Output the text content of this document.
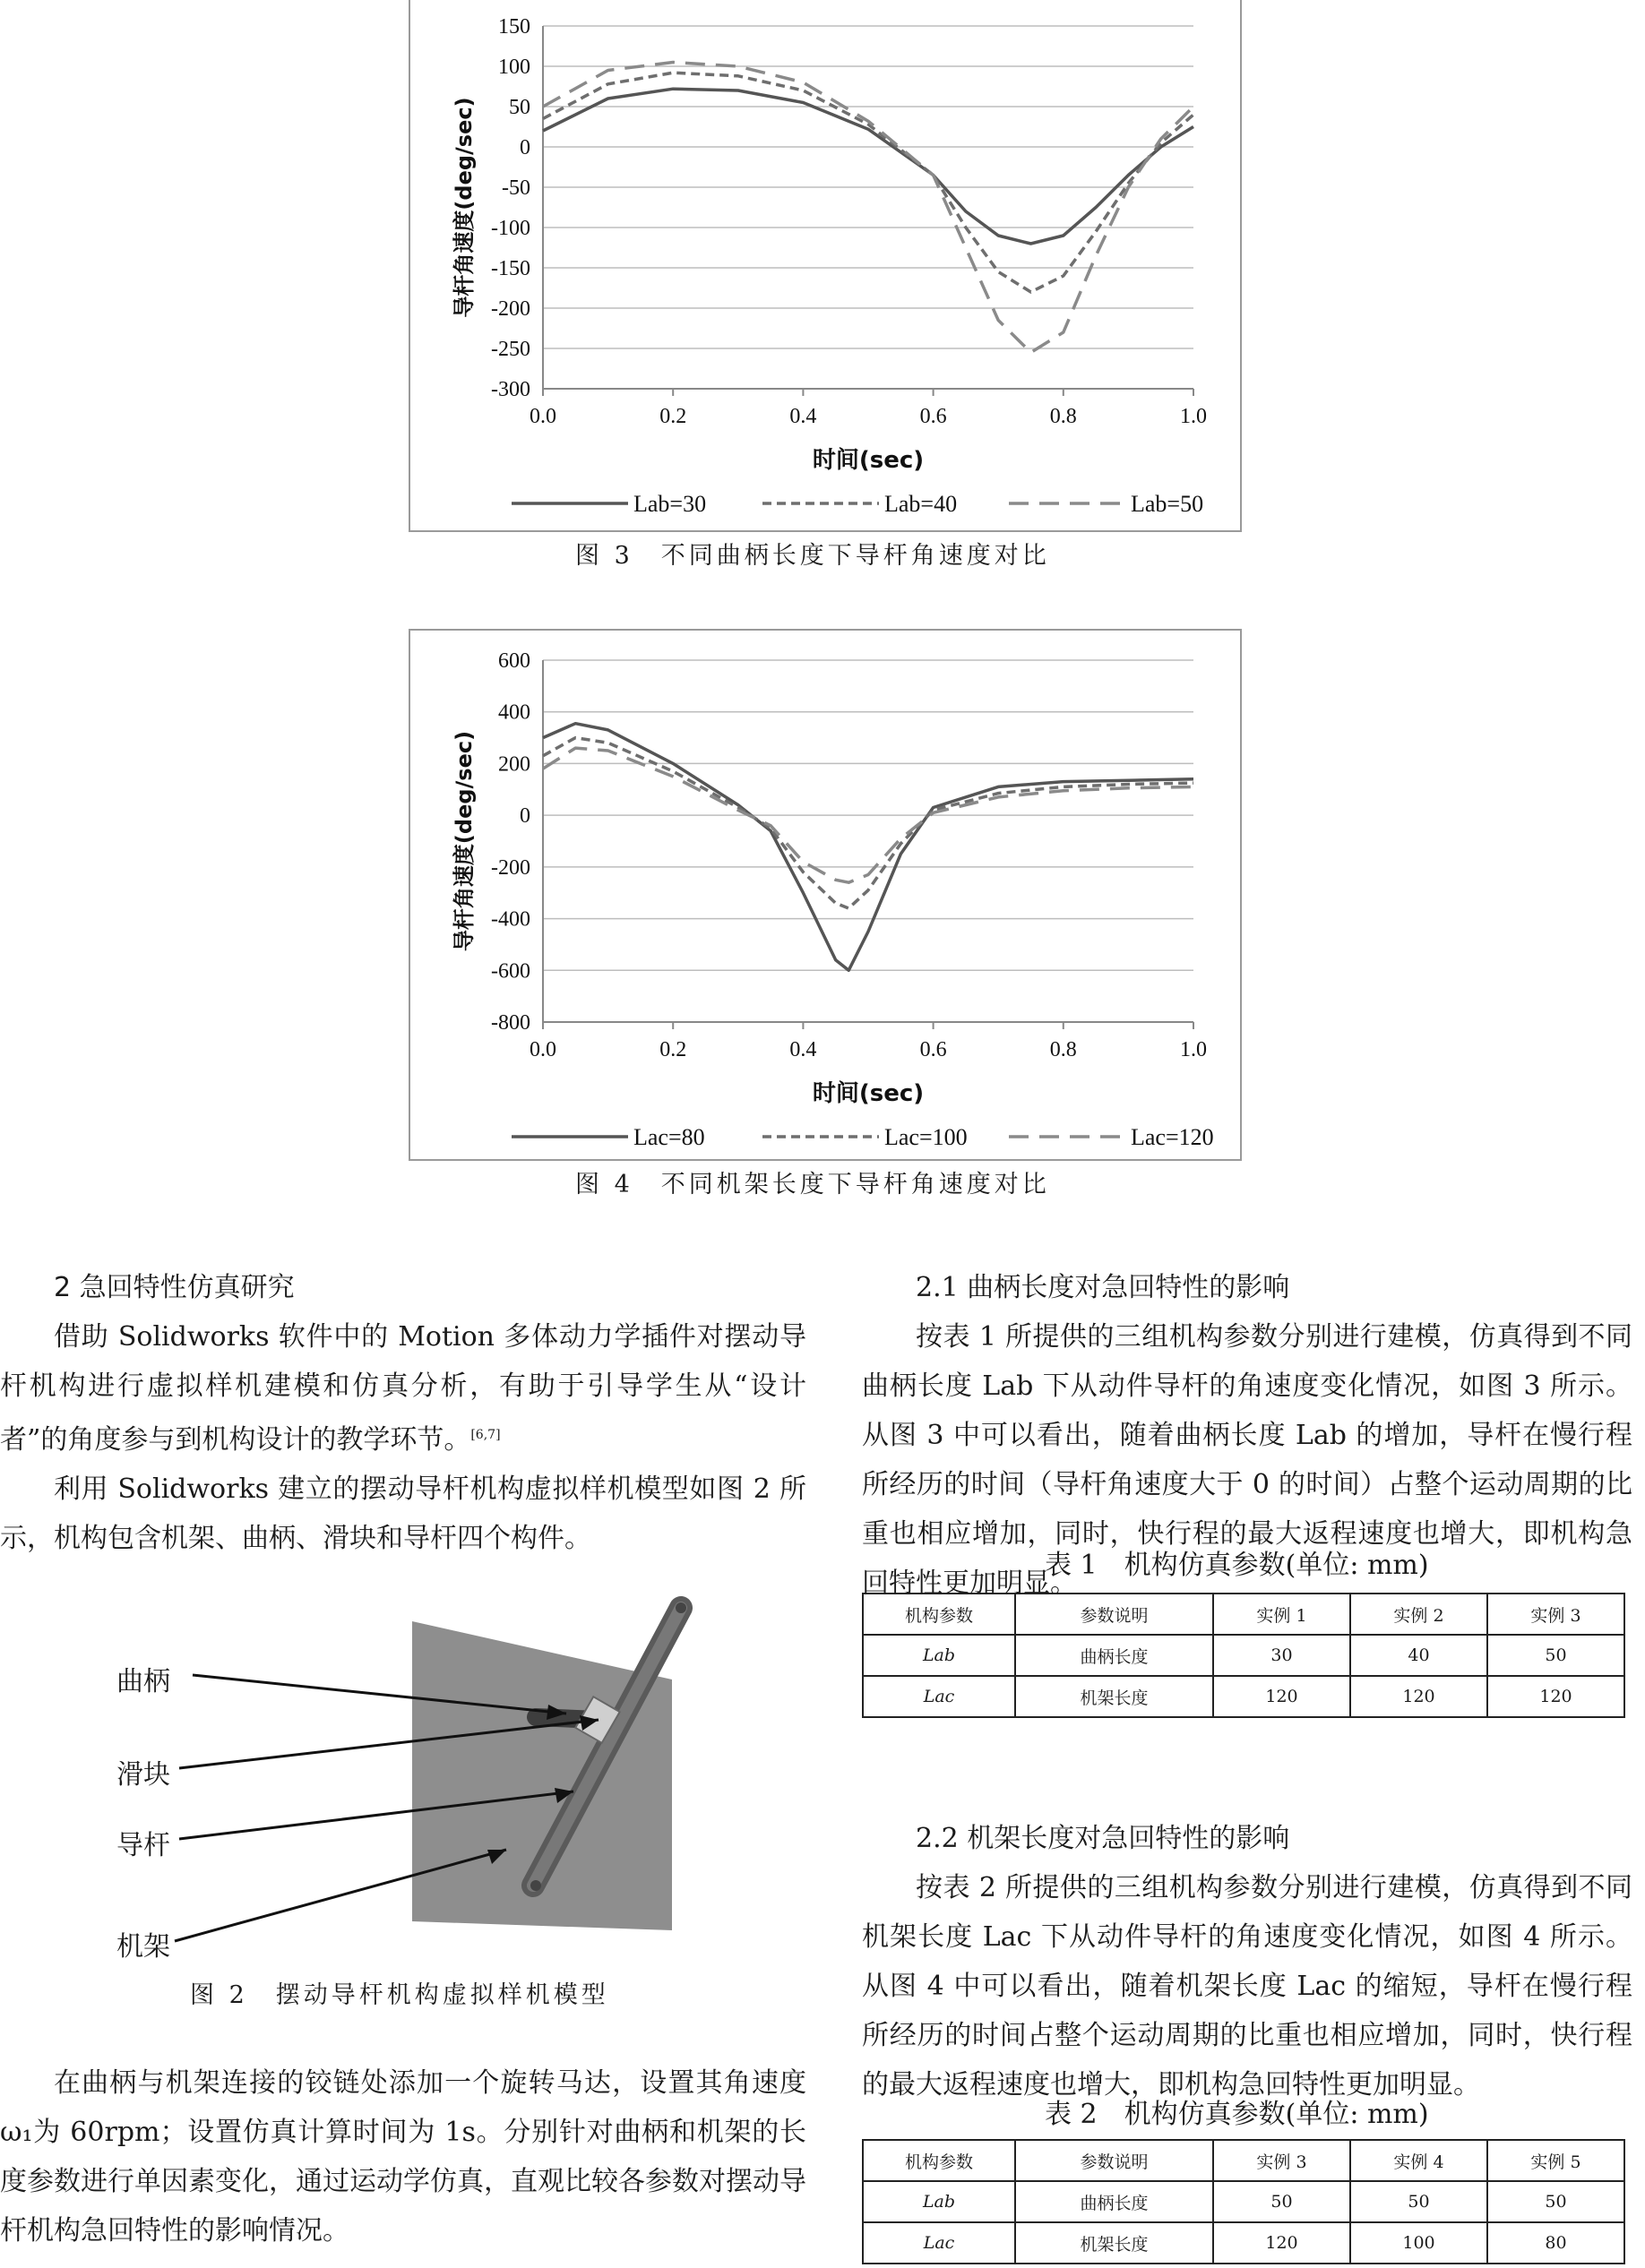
150
100
50
0
-50
-100
-150
-200
-250
-300
0.0	0.2	0.4	0.6	0.8	1.0
时间(sec)
导杆角速度(deg/sec)
Lab=30	Lab=40	Lab=50
图 3　不同曲柄长度下导杆角速度对比
600
400
200
0
-200
-400
-600
-800
0.0	0.2	0.4	0.6	0.8	1.0
时间(sec)
导杆角速度(deg/sec)
Lac=80	Lac=100	Lac=120
图 4　不同机架长度下导杆角速度对比

2 急回特性仿真研究

借助 Solidworks 软件中的 Motion 多体动力学插件对摆动导杆机构进行虚拟样机建模和仿真分析，有助于引导学生从“设计者”的角度参与到机构设计的教学环节。[6,7]

利用 Solidworks 建立的摆动导杆机构虚拟样机模型如图 2 所示，机构包含机架、曲柄、滑块和导杆四个构件。

曲柄
滑块
导杆
机架
图 2　摆动导杆机构虚拟样机模型

在曲柄与机架连接的铰链处添加一个旋转马达，设置其角速度ω₁为 60rpm；设置仿真计算时间为 1s。分别针对曲柄和机架的长度参数进行单因素变化，通过运动学仿真，直观比较各参数对摆动导杆机构急回特性的影响情况。

2.1 曲柄长度对急回特性的影响

按表 1 所提供的三组机构参数分别进行建模，仿真得到不同曲柄长度 Lab 下从动件导杆的角速度变化情况，如图 3 所示。从图 3 中可以看出，随着曲柄长度 Lab 的增加，导杆在慢行程所经历的时间（导杆角速度大于 0 的时间）占整个运动周期的比重也相应增加，同时，快行程的最大返程速度也增大，即机构急回特性更加明显。

表 1　机构仿真参数(单位: mm)
机构参数	参数说明	实例 1	实例 2	实例 3
Lab	曲柄长度	30	40	50
Lac	机架长度	120	120	120

2.2 机架长度对急回特性的影响

按表 2 所提供的三组机构参数分别进行建模，仿真得到不同机架长度 Lac 下从动件导杆的角速度变化情况，如图 4 所示。从图 4 中可以看出，随着机架长度 Lac 的缩短，导杆在慢行程所经历的时间占整个运动周期的比重也相应增加，同时，快行程的最大返程速度也增大，即机构急回特性更加明显。

表 2　机构仿真参数(单位: mm)
机构参数	参数说明	实例 3	实例 4	实例 5
Lab	曲柄长度	50	50	50
Lac	机架长度	120	100	80
